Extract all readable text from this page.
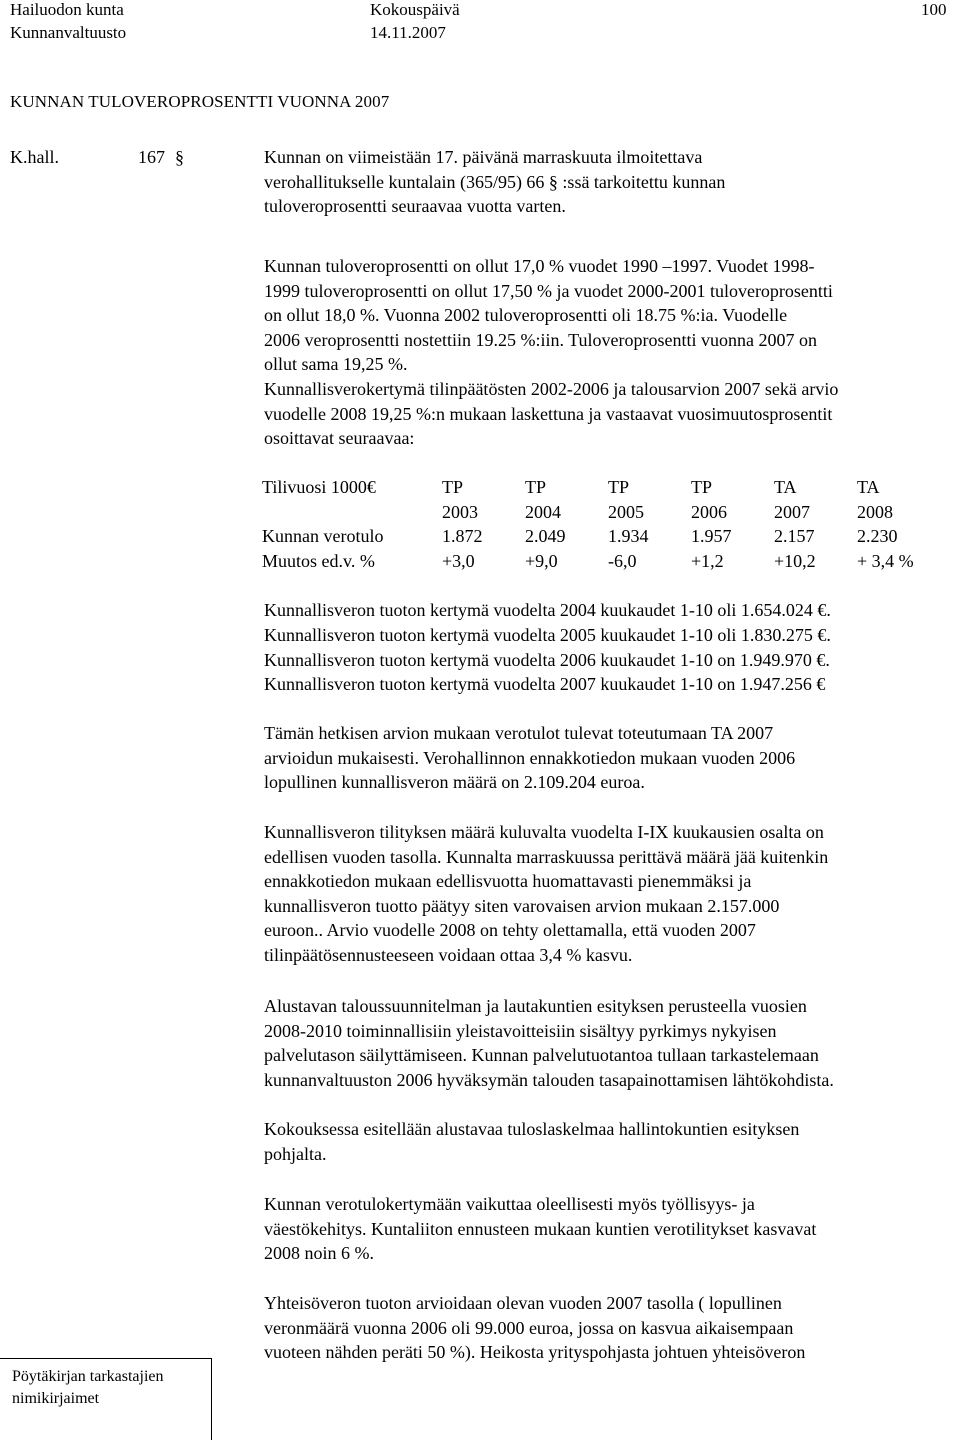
Hailuodon kunta
Kunnanvaltuusto
Kokouspäivä
14.11.2007
100
KUNNAN TULOVEROPROSENTTI VUONNA 2007
K.hall.	167 §	Kunnan on viimeistään 17. päivänä marraskuuta ilmoitettava
verohallitukselle kuntalain (365/95) 66 § :ssä tarkoitettu kunnan
tuloveroprosentti seuraavaa vuotta varten.
Kunnan tuloveroprosentti on ollut 17,0 % vuodet 1990 –1997. Vuodet 1998-
1999 tuloveroprosentti on ollut 17,50 % ja vuodet 2000-2001 tuloveroprosentti
on ollut 18,0 %. Vuonna 2002 tuloveroprosentti oli 18.75 %:ia. Vuodelle
2006 veroprosentti nostettiin 19.25 %:iin. Tuloveroprosentti vuonna 2007 on
ollut sama 19,25 %.
Kunnallisverokertymä tilinpäätösten 2002-2006 ja talousarvion 2007 sekä arvio
vuodelle 2008 19,25 %:n mukaan laskettuna ja vastaavat vuosimuutosprosentit
osoittavat seuraavaa:
Tilivuosi 1000€	TP	TP	TP	TP	TA	TA
	2003	2004	2005	2006	2007	2008
Kunnan verotulo	1.872	2.049	1.934	1.957	2.157	2.230
Muutos ed.v. %	+3,0	+9,0	-6,0	+1,2	+10,2	+ 3,4 %
Kunnallisveron tuoton kertymä vuodelta 2004 kuukaudet 1-10 oli 1.654.024 €.
Kunnallisveron tuoton kertymä vuodelta 2005 kuukaudet 1-10 oli 1.830.275 €.
Kunnallisveron tuoton kertymä vuodelta 2006 kuukaudet 1-10 on 1.949.970 €.
Kunnallisveron tuoton kertymä vuodelta 2007 kuukaudet 1-10 on 1.947.256 €
Tämän hetkisen arvion mukaan verotulot tulevat toteutumaan TA 2007
arvioidun mukaisesti. Verohallinnon ennakkotiedon mukaan vuoden 2006
lopullinen kunnallisveron määrä on 2.109.204 euroa.
Kunnallisveron tilityksen määrä kuluvalta vuodelta I-IX kuukausien osalta on
edellisen vuoden tasolla. Kunnalta marraskuussa perittävä määrä jää kuitenkin
ennakkotiedon mukaan edellisvuotta huomattavasti pienemmäksi ja
kunnallisveron tuotto päätyy siten varovaisen arvion mukaan 2.157.000
euroon.. Arvio vuodelle 2008 on tehty olettamalla, että vuoden 2007
tilinpäätösennusteeseen voidaan ottaa 3,4 % kasvu.
Alustavan taloussuunnitelman ja lautakuntien esityksen perusteella vuosien
2008-2010 toiminnallisiin yleistavoitteisiin sisältyy pyrkimys nykyisen
palvelutason säilyttämiseen. Kunnan palvelutuotantoa tullaan tarkastelemaan
kunnanvaltuuston 2006 hyväksymän talouden tasapainottamisen lähtökohdista.
Kokouksessa esitellään alustavaa tuloslaskelmaa hallintokuntien esityksen
pohjalta.
Kunnan verotulokertymään vaikuttaa oleellisesti myös työllisyys- ja
väestökehitys. Kuntaliiton ennusteen mukaan kuntien verotilitykset kasvavat
2008 noin 6 %.
Yhteisöveron tuoton arvioidaan olevan vuoden 2007 tasolla ( lopullinen
veronmäärä vuonna 2006 oli 99.000 euroa, jossa on kasvua aikaisempaan
vuoteen nähden peräti 50 %). Heikosta yrityspohjasta johtuen yhteisöveron
Pöytäkirjan tarkastajien
nimikirjaimet
